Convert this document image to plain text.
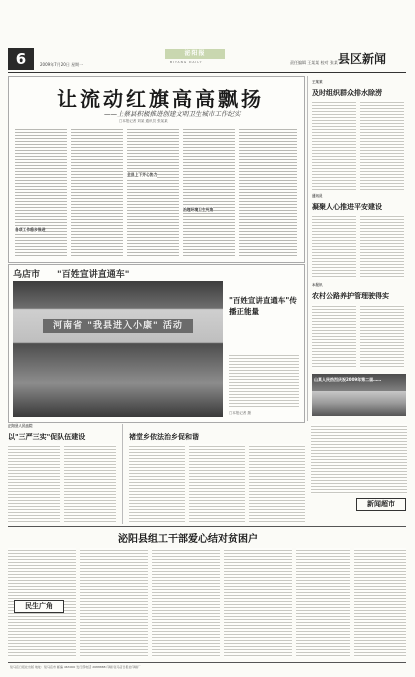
6	2009年7月20日 星期一
泌阳报
BIYANG DAILY	责任编辑 王某某 校对 张某 县区新闻
让流动红旗高高飘扬
——上蔡县积极推进创建文明卫生城市工作纪实
□本报记者 刘某 通讯员 张某某
全县上下齐心协力
治理环境卫生死角
各项工作稳步推进
王某某
及时组织群众排水除涝
通讯员
凝聚人心推进平安建设
本报讯
农村公路养护管理驶得实
山某人民热烈庆祝2009年第二届……
乌店市 "百姓宣讲直通车"
河南省 "我县进入小康" 活动
"百姓宣讲直通车"传播正能量
□本报记者 摄
正阳县人民法院
以"三严三实"促队伍建设	褚堂乡依法治乡促和谐
新闻超市
泌阳县组工干部爱心结对贫困户
民生广角
驻马店日报社出版 地址：驻马店市 邮编 463000 发行部电话 2688888 印刷 驻马店日报社印刷厂
